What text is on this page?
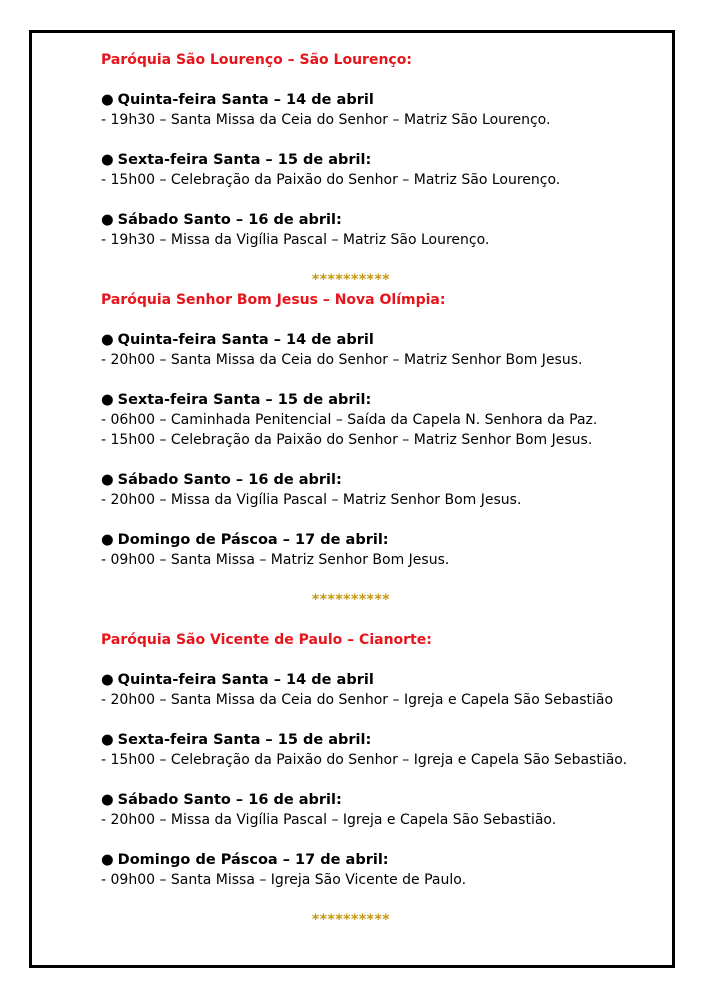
Paróquia São Lourenço – São Lourenço:

● Quinta-feira Santa – 14 de abril

- 19h30 – Santa Missa da Ceia do Senhor – Matriz São Lourenço.

● Sexta-feira Santa – 15 de abril:

- 15h00 – Celebração da Paixão do Senhor – Matriz São Lourenço.

● Sábado Santo – 16 de abril:

- 19h30 – Missa da Vigília Pascal – Matriz São Lourenço.

**********

Paróquia Senhor Bom Jesus – Nova Olímpia:

● Quinta-feira Santa – 14 de abril

- 20h00 – Santa Missa da Ceia do Senhor – Matriz Senhor Bom Jesus.

● Sexta-feira Santa – 15 de abril:

- 06h00 – Caminhada Penitencial – Saída da Capela N. Senhora da Paz.

- 15h00 – Celebração da Paixão do Senhor – Matriz Senhor Bom Jesus.

● Sábado Santo – 16 de abril:

- 20h00 – Missa da Vigília Pascal – Matriz Senhor Bom Jesus.

● Domingo de Páscoa – 17 de abril:

- 09h00 – Santa Missa – Matriz Senhor Bom Jesus.

**********

Paróquia São Vicente de Paulo – Cianorte:

● Quinta-feira Santa – 14 de abril

- 20h00 – Santa Missa da Ceia do Senhor – Igreja e Capela São Sebastião

● Sexta-feira Santa – 15 de abril:

- 15h00 – Celebração da Paixão do Senhor – Igreja e Capela São Sebastião.

● Sábado Santo – 16 de abril:

- 20h00 – Missa da Vigília Pascal – Igreja e Capela São Sebastião.

● Domingo de Páscoa – 17 de abril:

- 09h00 – Santa Missa – Igreja São Vicente de Paulo.

**********
